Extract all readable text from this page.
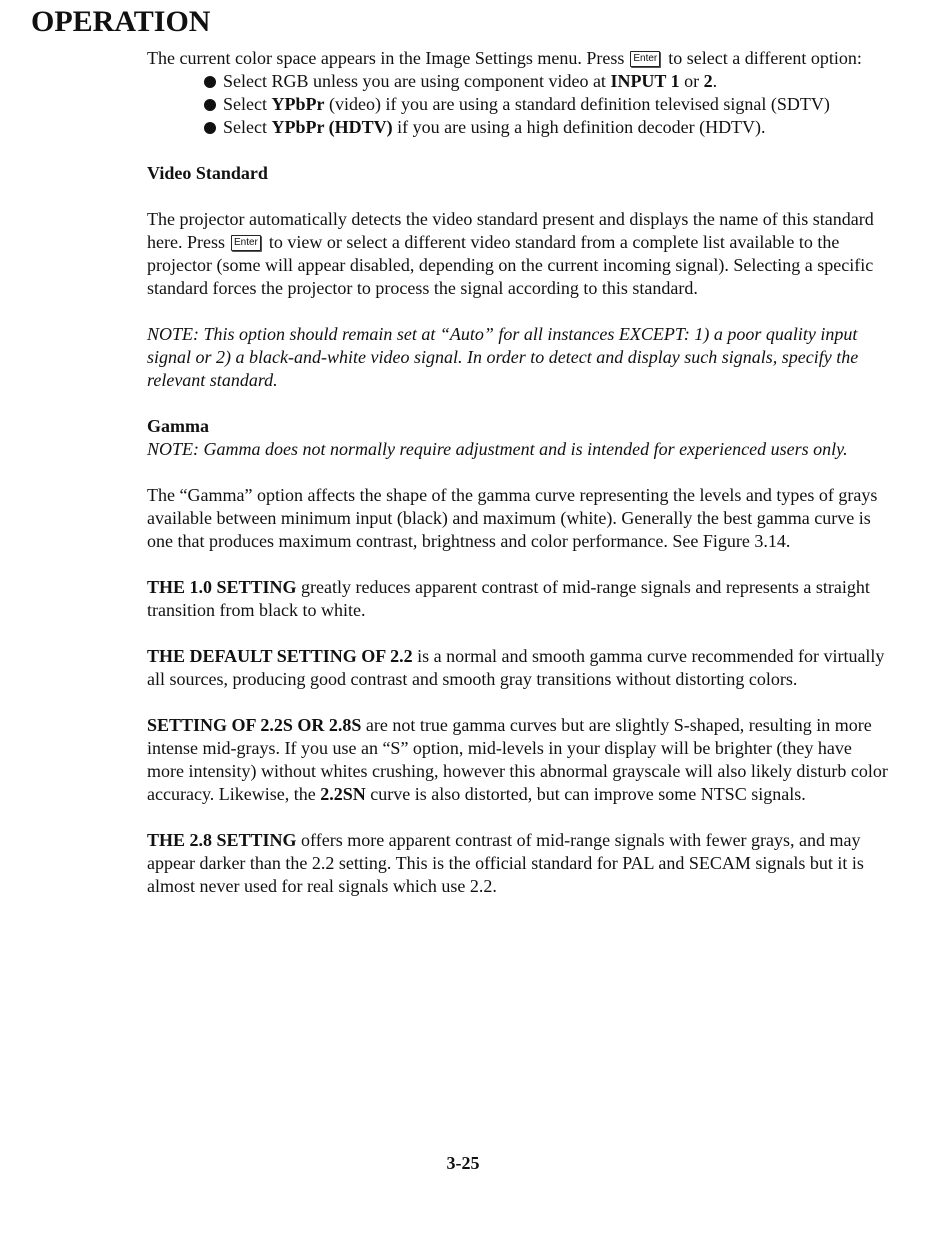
OPERATION

The current color space appears in the Image Settings menu. Press Enter to select a different option:

Select RGB unless you are using component video at INPUT 1 or 2.
Select YPbPr (video) if you are using a standard definition televised signal (SDTV)
Select YPbPr (HDTV) if you are using a high definition decoder (HDTV).
Video Standard

The projector automatically detects the video standard present and displays the name of this standard here. Press Enter to view or select a different video standard from a complete list available to the projector (some will appear disabled, depending on the current incoming signal). Selecting a specific standard forces the projector to process the signal according to this standard.

NOTE: This option should remain set at “Auto” for all instances EXCEPT: 1) a poor quality input signal or 2) a black-and-white video signal. In order to detect and display such signals, specify the relevant standard.

Gamma

NOTE: Gamma does not normally require adjustment and is intended for experienced users only.

The “Gamma” option affects the shape of the gamma curve representing the levels and types of grays available between minimum input (black) and maximum (white). Generally the best gamma curve is one that produces maximum contrast, brightness and color performance. See Figure 3.14.

THE 1.0 SETTING greatly reduces apparent contrast of mid-range signals and represents a straight transition from black to white.

THE DEFAULT SETTING OF 2.2 is a normal and smooth gamma curve recommended for virtually all sources, producing good contrast and smooth gray transitions without distorting colors.

SETTING OF 2.2S OR 2.8S are not true gamma curves but are slightly S-shaped, resulting in more intense mid-grays. If you use an “S” option, mid-levels in your display will be brighter (they have more intensity) without whites crushing, however this abnormal grayscale will also likely disturb color accuracy. Likewise, the 2.2SN curve is also distorted, but can improve some NTSC signals.

THE 2.8 SETTING offers more apparent contrast of mid-range signals with fewer grays, and may appear darker than the 2.2 setting. This is the official standard for PAL and SECAM signals but it is almost never used for real signals which use 2.2.

3-25
